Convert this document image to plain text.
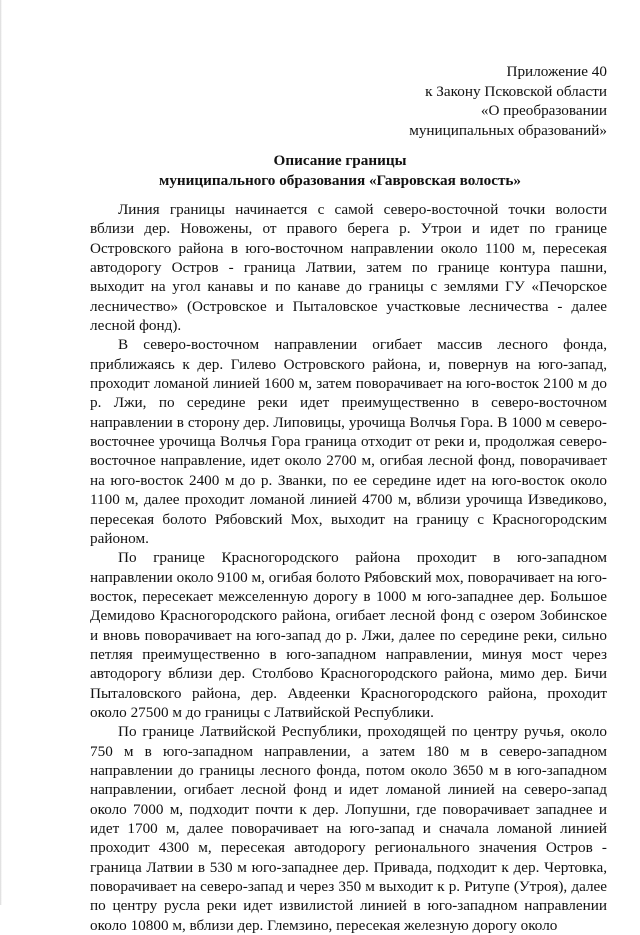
Приложение 40
к Закону Псковской области
«О преобразовании
муниципальных образований»
Описание границы
муниципального образования «Гавровская волость»

Линия границы начинается с самой северо-восточной точки волости вблизи дер. Новожены, от правого берега р. Утрои и идет по границе Островского района в юго-восточном направлении около 1100 м, пересекая автодорогу Остров - граница Латвии, затем по границе контура пашни, выходит на угол канавы и по канаве до границы с землями ГУ «Печорское лесничество» (Островское и Пыталовское участковые лесничества - далее лесной фонд).

В северо-восточном направлении огибает массив лесного фонда, приближаясь к дер. Гилево Островского района, и, повернув на юго-запад, проходит ломаной линией 1600 м, затем поворачивает на юго-восток 2100 м до р. Лжи, по середине реки идет преимущественно в северо-восточном направлении в сторону дер. Липовицы, урочища Волчья Гора. В 1000 м северо-восточнее урочища Волчья Гора граница отходит от реки и, продолжая северо-восточное направление, идет около 2700 м, огибая лесной фонд, поворачивает на юго-восток 2400 м до р. Званки, по ее середине идет на юго-восток около 1100 м, далее проходит ломаной линией 4700 м, вблизи урочища Изведиково, пересекая болото Рябовский Мох, выходит на границу с Красногородским районом.

По границе Красногородского района проходит в юго-западном направлении около 9100 м, огибая болото Рябовский мох, поворачивает на юго-восток, пересекает межселенную дорогу в 1000 м юго-западнее дер. Большое Демидово Красногородского района, огибает лесной фонд с озером Зобинское и вновь поворачивает на юго-запад до р. Лжи, далее по середине реки, сильно петляя преимущественно в юго-западном направлении, минуя мост через автодорогу вблизи дер. Столбово Красногородского района, мимо дер. Бичи Пыталовского района, дер. Авдеенки Красногородского района, проходит около 27500 м до границы с Латвийской Республики.

По границе Латвийской Республики, проходящей по центру ручья, около 750 м в юго-западном направлении, а затем 180 м в северо-западном направлении до границы лесного фонда, потом около 3650 м в юго-западном направлении, огибает лесной фонд и идет ломаной линией на северо-запад около 7000 м, подходит почти к дер. Лопушни, где поворачивает западнее и идет 1700 м, далее поворачивает на юго-запад и сначала ломаной линией проходит 4300 м, пересекая автодорогу регионального значения Остров - граница Латвии в 530 м юго-западнее дер. Привада, подходит к дер. Чертовка, поворачивает на северо-запад и через 350 м выходит к р. Ритупе (Утроя), далее по центру русла реки идет извилистой линией в юго-западном направлении около 10800 м, вблизи дер. Глемзино, пересекая железную дорогу около
